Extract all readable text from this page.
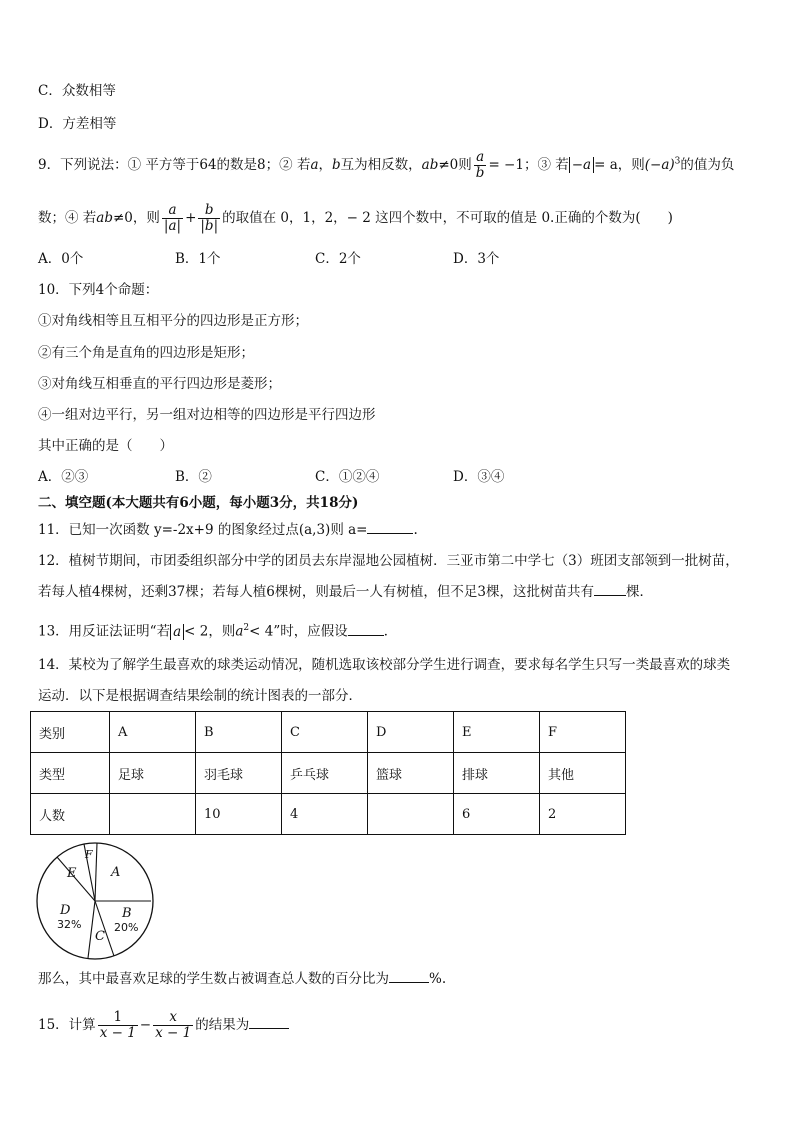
C．众数相等
D．方差相等
9．下列说法：① 平方等于64的数是8；② 若a，b互为相反数，ab≠0则 $\frac{a}{b} = -1$；③ 若 −a = a，则$(-a)^3$的值为负
数；④ 若ab≠0，则 $\frac{a}{|a|} + \frac{b}{|b|}$ 的取值在 0，1，2，− 2 这四个数中，不可取的值是 0.正确的个数为(　　)
A．0个	B．1个	C．2个	D．3个
10．下列4个命题：
①对角线相等且互相平分的四边形是正方形；
②有三个角是直角的四边形是矩形；
③对角线互相垂直的平行四边形是菱形；
④一组对边平行，另一组对边相等的四边形是平行四边形
其中正确的是（　　）
A．②③	B．②	C．①②④	D．③④
二、填空题(本大题共有6小题，每小题3分，共18分)
11．已知一次函数 y=-2x+9 的图象经过点(a,3)则 a=	.
12．植树节期间，市团委组织部分中学的团员去东岸湿地公园植树．三亚市第二中学七（3）班团支部领到一批树苗，
若每人植4棵树，还剩37棵；若每人植6棵树，则最后一人有树植，但不足3棵，这批树苗共有 棵．
13．用反证法证明“若 a < 2，则$a^2< 4$”时，应假设	．
14．某校为了解学生最喜欢的球类运动情况，随机选取该校部分学生进行调查，要求每名学生只写一类最喜欢的球类
运动．以下是根据调查结果绘制的统计图表的一部分．
类别	A	B	C	D	E	F
类型	足球	羽毛球	乒乓球	篮球	排球	其他
人数		10	4		6	2
A
B
C
D
E
F
20%
32%
那么，其中最喜欢足球的学生数占被调查总人数的百分比为	%.
15．计算 $\frac{1}{x - 1} - \frac{x}{x - 1}$ 的结果为
